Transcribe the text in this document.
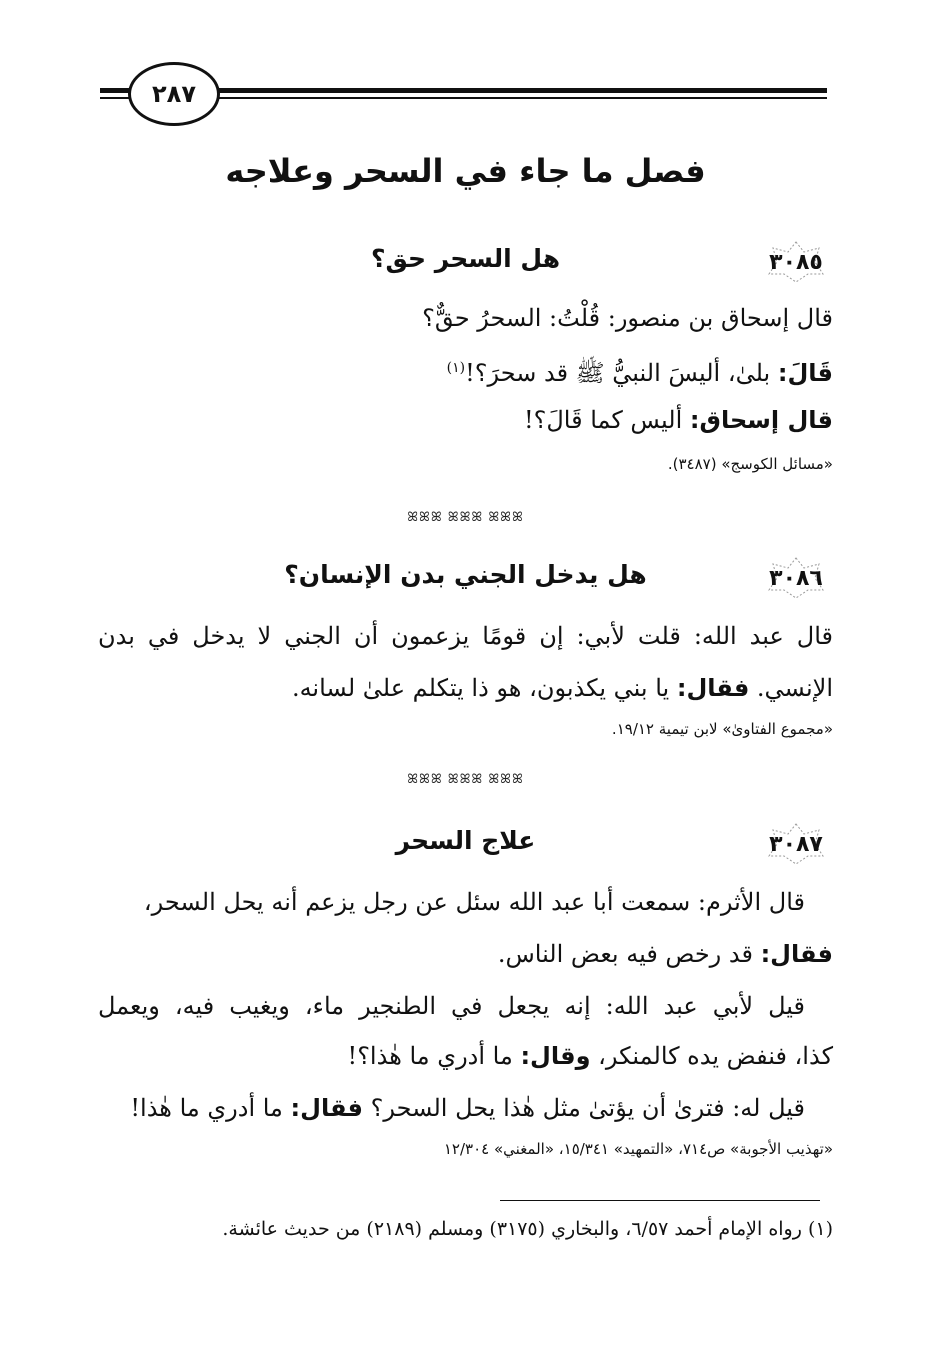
٢٨٧
فصل ما جاء في السحر وعلاجه
٣٠٨٥
هل السحر حق؟
قال إسحاق بن منصور: قُلْتُ: السحرُ حقٌّ؟
قَالَ: بلىٰ، أليسَ النبيُّ ﷺ قد سحرَ؟!$^{(١)}$
قال إسحاق: أليس كما قَالَ؟!
«مسائل الكوسج» (٣٤٨٧).
ꕤꕤꕤ ꕤꕤꕤ ꕤꕤꕤ
٣٠٨٦
هل يدخل الجني بدن الإنسان؟
قال عبد الله: قلت لأبي: إن قومًا يزعمون أن الجني لا يدخل في بدن
الإنسي. فقال: يا بني يكذبون، هو ذا يتكلم علىٰ لسانه.
«مجموع الفتاوىٰ» لابن تيمية ١٩/١٢.
ꕤꕤꕤ ꕤꕤꕤ ꕤꕤꕤ
٣٠٨٧
علاج السحر
قال الأثرم: سمعت أبا عبد الله سئل عن رجل يزعم أنه يحل السحر،
فقال: قد رخص فيه بعض الناس.
قيل لأبي عبد الله: إنه يجعل في الطنجير ماء، ويغيب فيه، ويعمل
كذا، فنفض يده كالمنكر، وقال: ما أدري ما هٰذا؟!
قيل له: فترىٰ أن يؤتىٰ مثل هٰذا يحل السحر؟ فقال: ما أدري ما هٰذا!
«تهذيب الأجوبة» ص٧١٤، «التمهيد» ١٥/٣٤١، «المغني» ١٢/٣٠٤
(١) رواه الإمام أحمد ٦/٥٧، والبخاري (٣١٧٥) ومسلم (٢١٨٩) من حديث عائشة.
